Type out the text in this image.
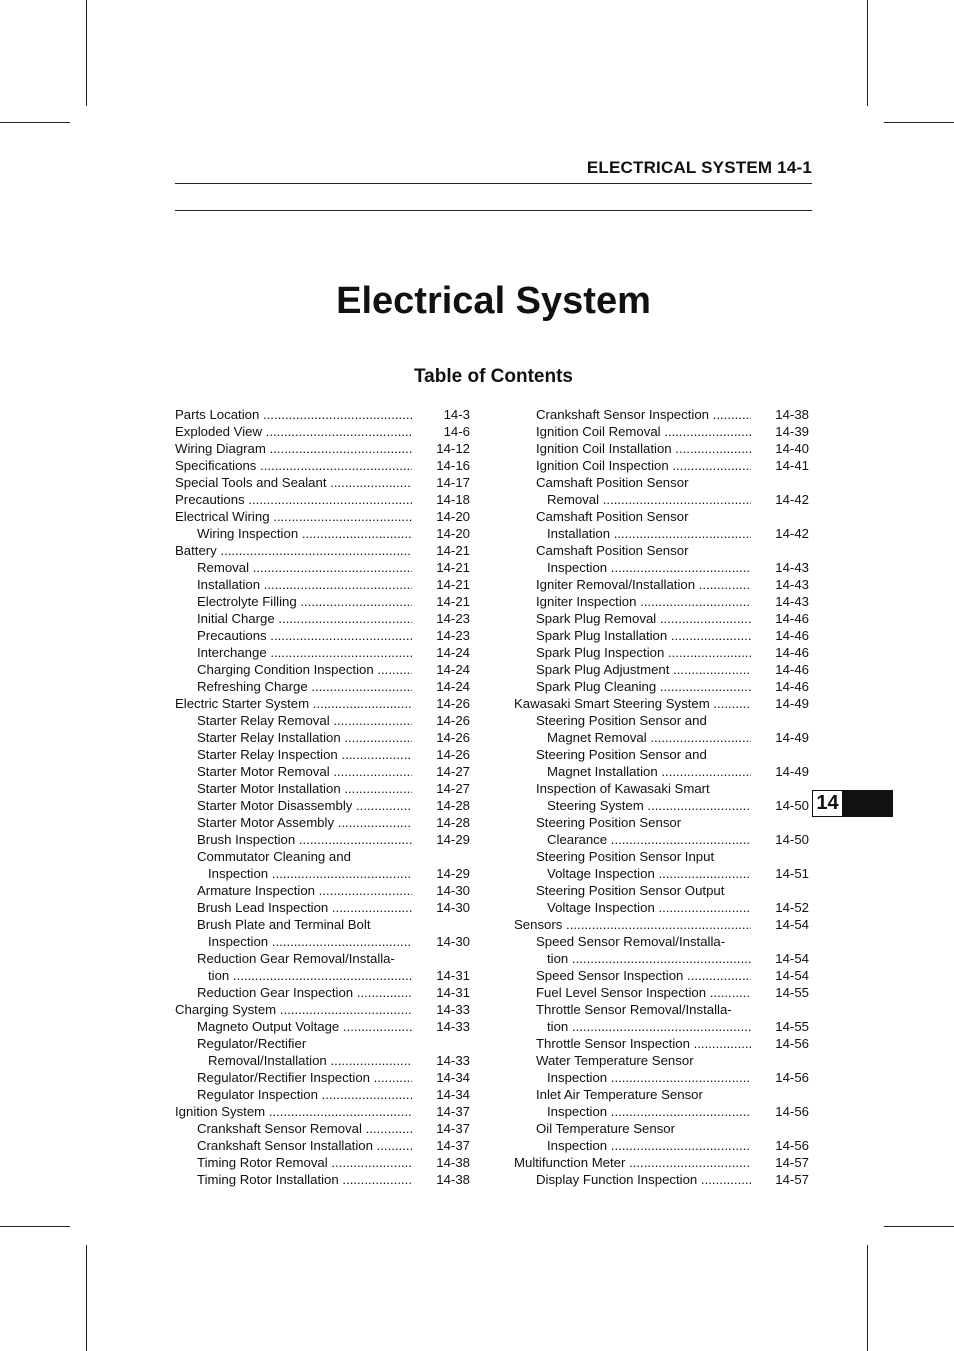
ELECTRICAL SYSTEM 14-1
Electrical System
Table of Contents
Parts Location .....	14-3
Exploded View .....	14-6
Wiring Diagram .....	14-12
Specifications .....	14-16
Special Tools and Sealant .....	14-17
Precautions .....	14-18
Electrical Wiring .....	14-20
Wiring Inspection .....	14-20
Battery .....	14-21
Removal .....	14-21
Installation .....	14-21
Electrolyte Filling .....	14-21
Initial Charge .....	14-23
Precautions .....	14-23
Interchange .....	14-24
Charging Condition Inspection .....	14-24
Refreshing Charge .....	14-24
Electric Starter System .....	14-26
Starter Relay Removal .....	14-26
Starter Relay Installation .....	14-26
Starter Relay Inspection .....	14-26
Starter Motor Removal .....	14-27
Starter Motor Installation .....	14-27
Starter Motor Disassembly .....	14-28
Starter Motor Assembly .....	14-28
Brush Inspection .....	14-29
Commutator Cleaning and
Inspection .....	14-29
Armature Inspection .....	14-30
Brush Lead Inspection .....	14-30
Brush Plate and Terminal Bolt
Inspection .....	14-30
Reduction Gear Removal/Installa-
tion .....	14-31
Reduction Gear Inspection .....	14-31
Charging System .....	14-33
Magneto Output Voltage .....	14-33
Regulator/Rectifier
Removal/Installation .....	14-33
Regulator/Rectifier Inspection .....	14-34
Regulator Inspection .....	14-34
Ignition System .....	14-37
Crankshaft Sensor Removal .....	14-37
Crankshaft Sensor Installation .....	14-37
Timing Rotor Removal .....	14-38
Timing Rotor Installation .....	14-38
Crankshaft Sensor Inspection .....	14-38
Ignition Coil Removal .....	14-39
Ignition Coil Installation .....	14-40
Ignition Coil Inspection .....	14-41
Camshaft Position Sensor
Removal .....	14-42
Camshaft Position Sensor
Installation .....	14-42
Camshaft Position Sensor
Inspection .....	14-43
Igniter Removal/Installation .....	14-43
Igniter Inspection .....	14-43
Spark Plug Removal .....	14-46
Spark Plug Installation .....	14-46
Spark Plug Inspection .....	14-46
Spark Plug Adjustment .....	14-46
Spark Plug Cleaning .....	14-46
Kawasaki Smart Steering System .....	14-49
Steering Position Sensor and
Magnet Removal .....	14-49
Steering Position Sensor and
Magnet Installation .....	14-49
Inspection of Kawasaki Smart
Steering System .....	14-50
Steering Position Sensor
Clearance .....	14-50
Steering Position Sensor Input
Voltage Inspection .....	14-51
Steering Position Sensor Output
Voltage Inspection .....	14-52
Sensors .....	14-54
Speed Sensor Removal/Installa-
tion .....	14-54
Speed Sensor Inspection .....	14-54
Fuel Level Sensor Inspection .....	14-55
Throttle Sensor Removal/Installa-
tion .....	14-55
Throttle Sensor Inspection .....	14-56
Water Temperature Sensor
Inspection .....	14-56
Inlet Air Temperature Sensor
Inspection .....	14-56
Oil Temperature Sensor
Inspection .....	14-56
Multifunction Meter .....	14-57
Display Function Inspection .....	14-57
14
